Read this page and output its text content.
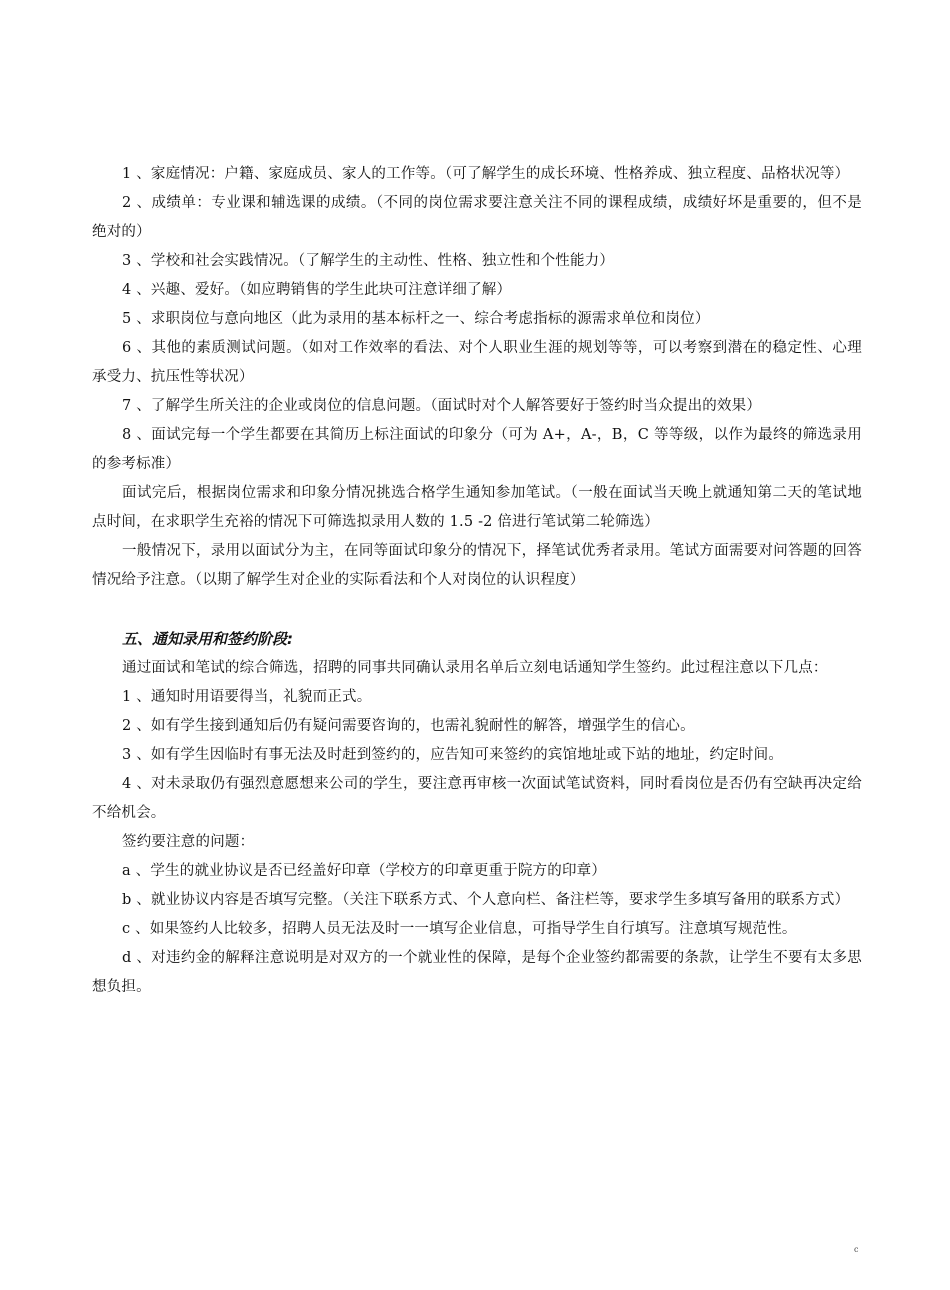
1 、家庭情况：户籍、家庭成员、家人的工作等。（可了解学生的成长环境、性格养成、独立程度、品格状况等）

2 、成绩单：专业课和辅选课的成绩。（不同的岗位需求要注意关注不同的课程成绩，成绩好坏是重要的，但不是绝对的）

3 、学校和社会实践情况。（了解学生的主动性、性格、独立性和个性能力）

4 、兴趣、爱好。（如应聘销售的学生此块可注意详细了解）

5 、求职岗位与意向地区（此为录用的基本标杆之一、综合考虑指标的源需求单位和岗位）

6 、其他的素质测试问题。（如对工作效率的看法、对个人职业生涯的规划等等，可以考察到潜在的稳定性、心理承受力、抗压性等状况）

7 、了解学生所关注的企业或岗位的信息问题。（面试时对个人解答要好于签约时当众提出的效果）

8 、面试完每一个学生都要在其简历上标注面试的印象分（可为 A+，A-，B，C 等等级，以作为最终的筛选录用的参考标准）

面试完后，根据岗位需求和印象分情况挑选合格学生通知参加笔试。（一般在面试当天晚上就通知第二天的笔试地点时间，在求职学生充裕的情况下可筛选拟录用人数的 1.5 -2 倍进行笔试第二轮筛选）

一般情况下，录用以面试分为主，在同等面试印象分的情况下，择笔试优秀者录用。笔试方面需要对问答题的回答情况给予注意。（以期了解学生对企业的实际看法和个人对岗位的认识程度）

五、通知录用和签约阶段:

通过面试和笔试的综合筛选，招聘的同事共同确认录用名单后立刻电话通知学生签约。此过程注意以下几点：

1 、通知时用语要得当，礼貌而正式。

2 、如有学生接到通知后仍有疑问需要咨询的，也需礼貌耐性的解答，增强学生的信心。

3 、如有学生因临时有事无法及时赶到签约的，应告知可来签约的宾馆地址或下站的地址，约定时间。

4 、对未录取仍有强烈意愿想来公司的学生，要注意再审核一次面试笔试资料，同时看岗位是否仍有空缺再决定给不给机会。

签约要注意的问题：

a 、学生的就业协议是否已经盖好印章（学校方的印章更重于院方的印章）

b 、就业协议内容是否填写完整。（关注下联系方式、个人意向栏、备注栏等，要求学生多填写备用的联系方式）

c 、如果签约人比较多，招聘人员无法及时一一填写企业信息，可指导学生自行填写。注意填写规范性。

d 、对违约金的解释注意说明是对双方的一个就业性的保障，是每个企业签约都需要的条款，让学生不要有太多思想负担。

c
